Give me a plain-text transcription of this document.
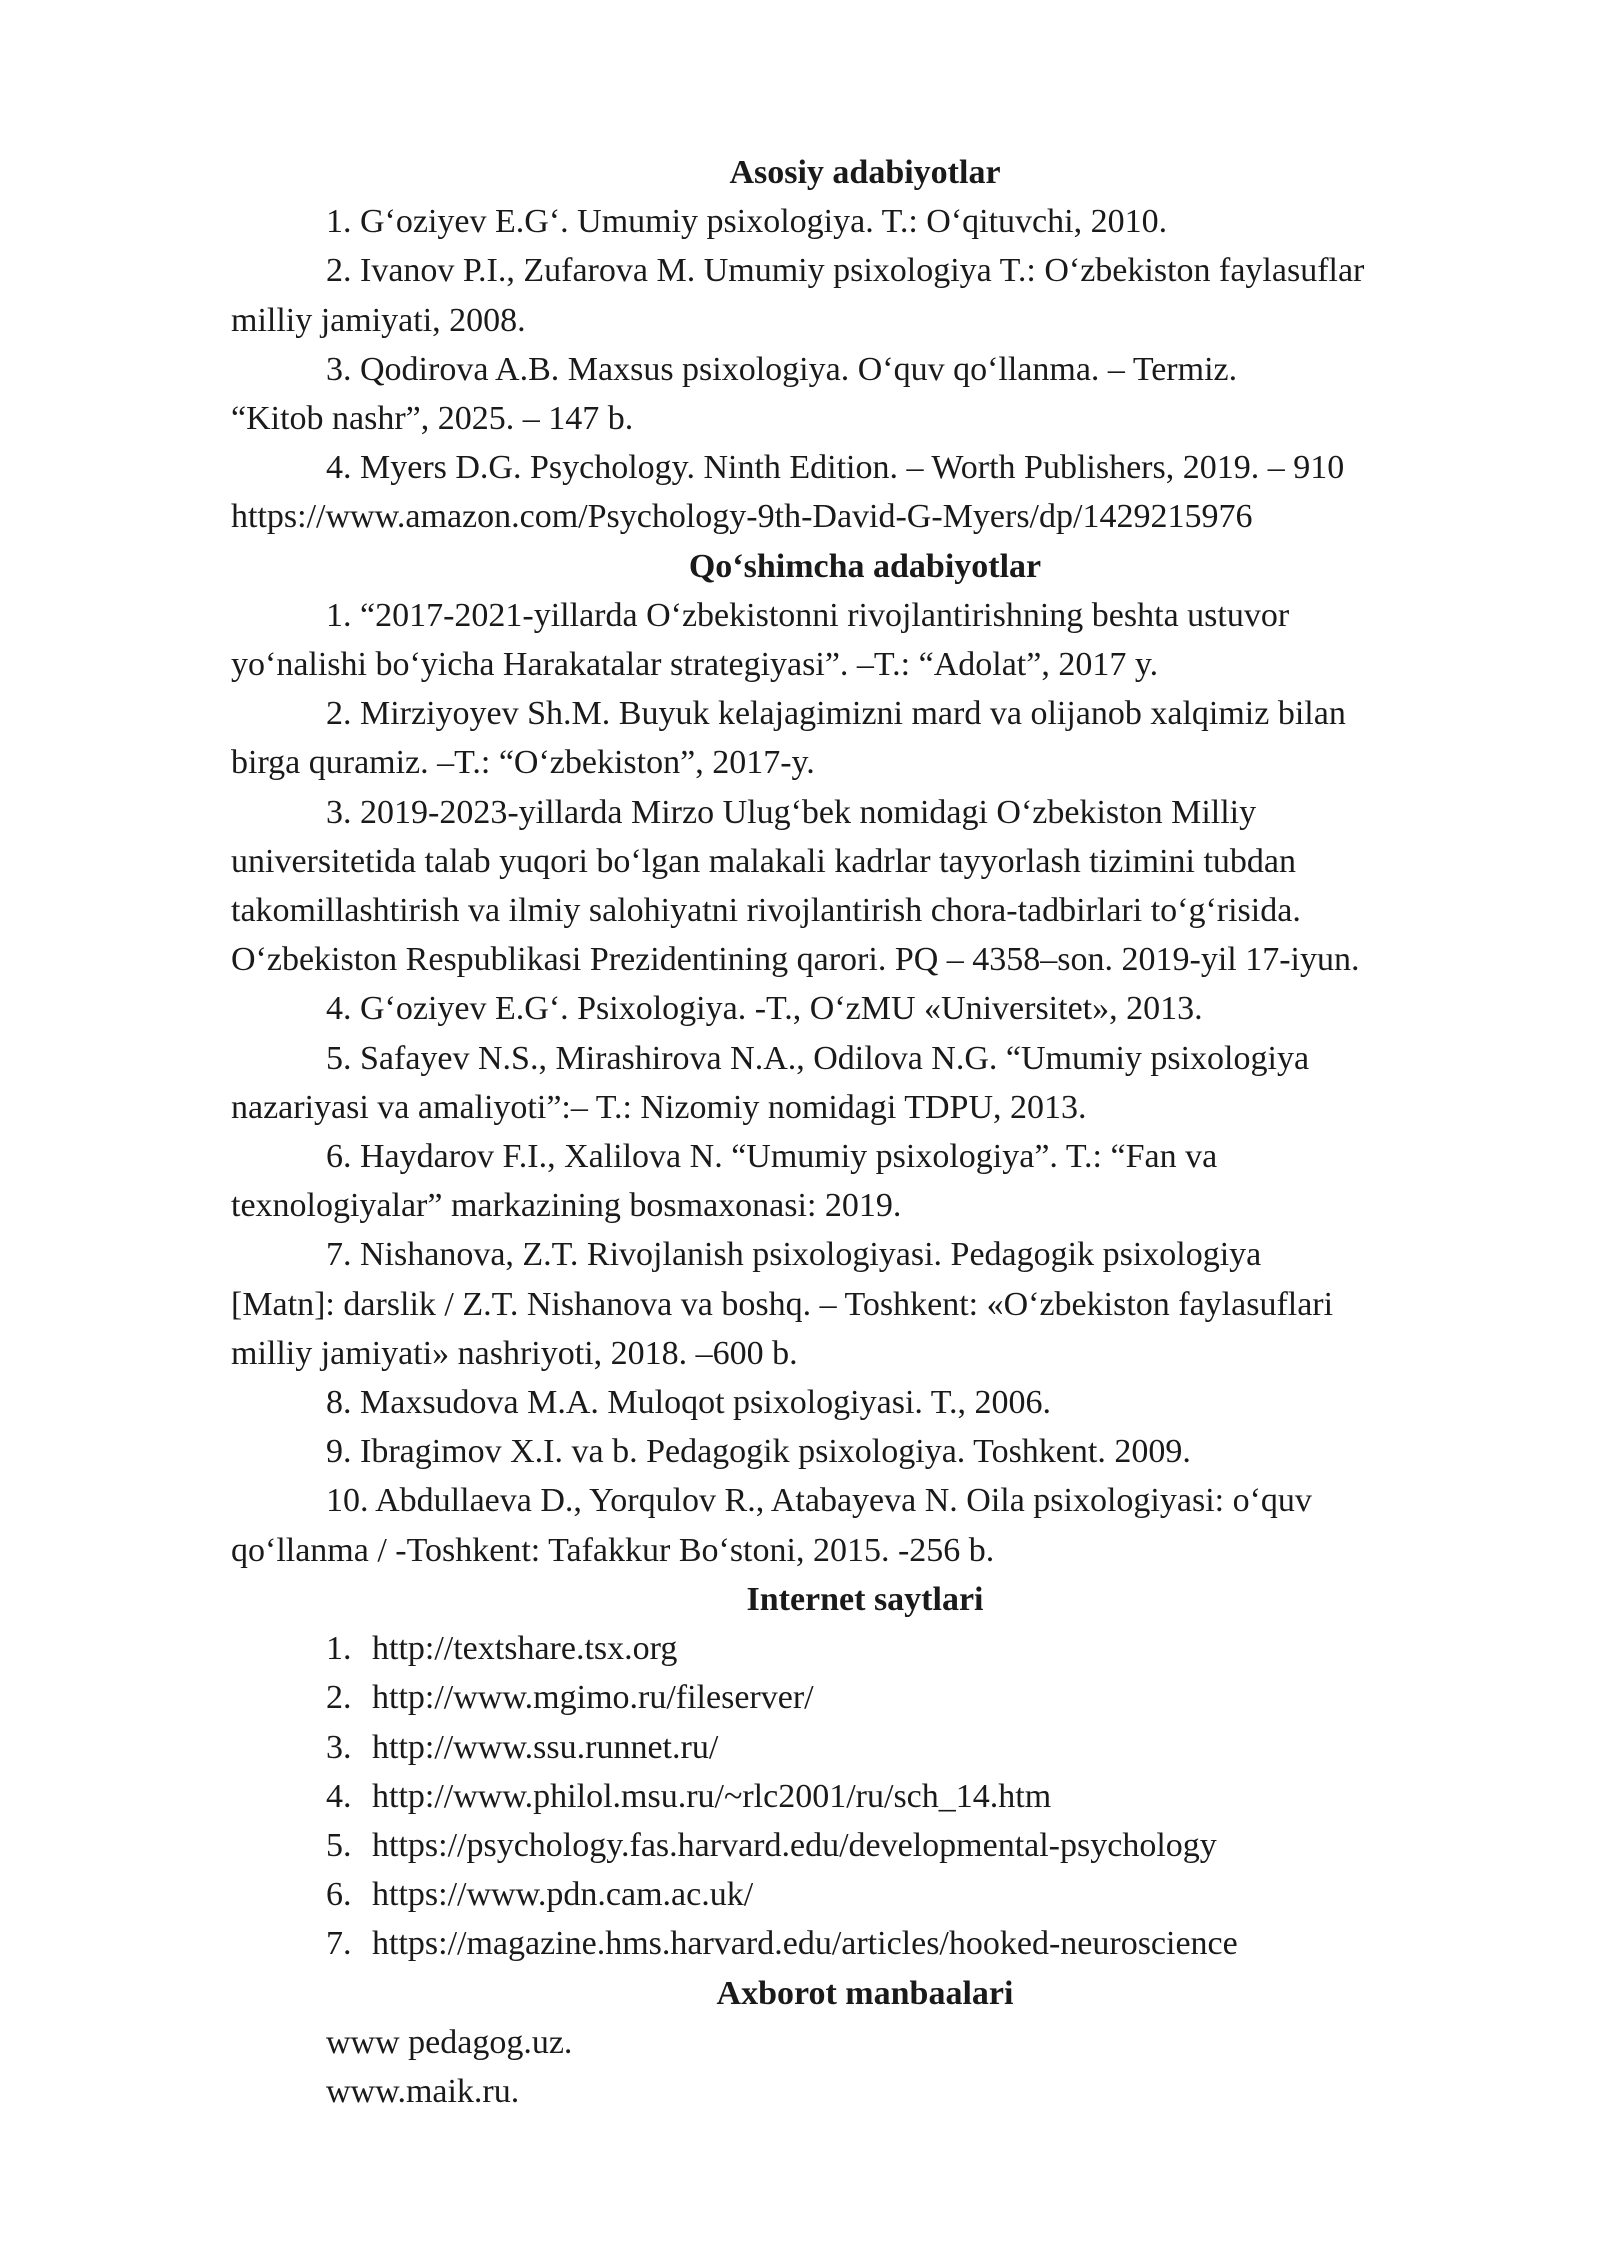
Asosiy adabiyotlar

1. G‘oziyev E.G‘. Umumiy psixologiya. T.: O‘qituvchi, 2010.

2. Ivanov P.I., Zufarova M. Umumiy psixologiya T.: O‘zbekiston faylasuflar
milliy jamiyati, 2008.

3. Qodirova A.B. Maxsus psixologiya. O‘quv qo‘llanma. – Termiz.
“Kitob nashr”, 2025. – 147 b.

4. Myers D.G. Psychology. Ninth Edition. – Worth Publishers, 2019. – 910
https://www.amazon.com/Psychology-9th-David-G-Myers/dp/1429215976

Qo‘shimcha adabiyotlar

1. “2017-2021-yillarda O‘zbekistonni rivojlantirishning beshta ustuvor
yo‘nalishi bo‘yicha Harakatalar strategiyasi”. –T.: “Adolat”, 2017 y.

2. Mirziyoyev Sh.M. Buyuk kelajagimizni mard va olijanob xalqimiz bilan
birga quramiz. –T.: “O‘zbekiston”, 2017-y.

3. 2019-2023-yillarda Mirzo Ulug‘bek nomidagi O‘zbekiston Milliy
universitetida talab yuqori bo‘lgan malakali kadrlar tayyorlash tizimini tubdan
takomillashtirish va ilmiy salohiyatni rivojlantirish chora-tadbirlari to‘g‘risida.
O‘zbekiston Respublikasi Prezidentining qarori. PQ – 4358–son. 2019-yil 17-iyun.

4. G‘oziyev E.G‘. Psixologiya. -T., O‘zMU «Universitet», 2013.

5. Safayev N.S., Mirashirova N.A., Odilova N.G. “Umumiy psixologiya
nazariyasi va amaliyoti”:– T.: Nizomiy nomidagi TDPU, 2013.

6. Haydarov F.I., Xalilova N. “Umumiy psixologiya”. T.: “Fan va
texnologiyalar” markazining bosmaxonasi: 2019.

7. Nishanova, Z.T. Rivojlanish psixologiyasi. Pedagogik psixologiya
[Matn]: darslik / Z.T. Nishanova va boshq. – Toshkent: «O‘zbekiston faylasuflari
milliy jamiyati» nashriyoti, 2018. –600 b.

8. Maxsudova M.A. Muloqot psixologiyasi. T., 2006.

9. Ibragimov X.I. va b. Pedagogik psixologiya. Toshkent. 2009.

10. Abdullaeva D., Yorqulov R., Atabayeva N. Oila psixologiyasi: o‘quv
qo‘llanma / -Toshkent: Tafakkur Bo‘stoni, 2015. -256 b.

Internet saytlari

1. http://textshare.tsx.org
2. http://www.mgimo.ru/fileserver/
3. http://www.ssu.runnet.ru/
4. http://www.philol.msu.ru/~rlc2001/ru/sch_14.htm
5. https://psychology.fas.harvard.edu/developmental-psychology
6. https://www.pdn.cam.ac.uk/
7. https://magazine.hms.harvard.edu/articles/hooked-neuroscience

Axborot manbaalari

www pedagog.uz.

www.maik.ru.
